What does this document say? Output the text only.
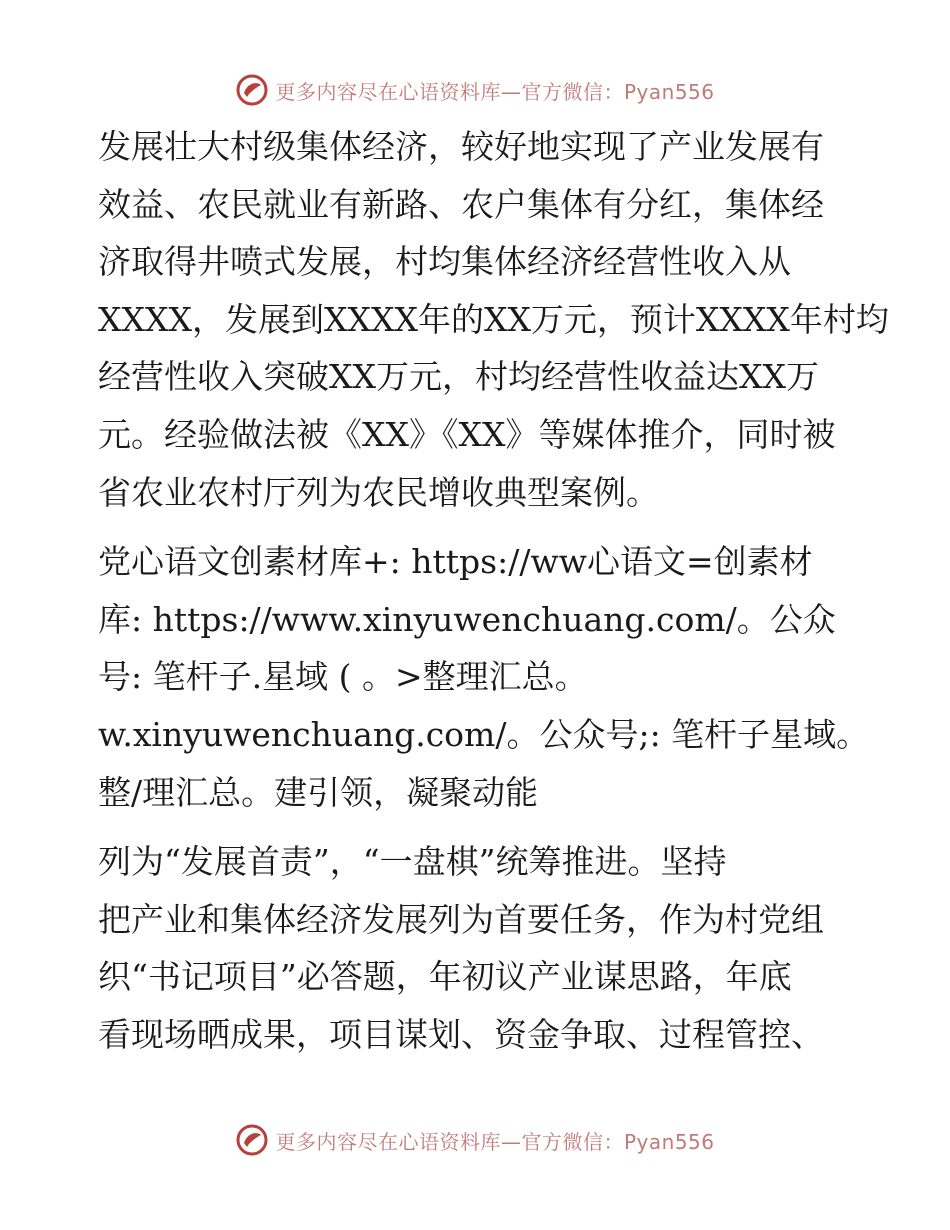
更多内容尽在心语资料库—官方微信：Pyan556
发展壮大村级集体经济，较好地实现了产业发展有
效益、农民就业有新路、农户集体有分红，集体经
济取得井喷式发展，村均集体经济经营性收入从
XXXX，发展到XXXX年的XX万元，预计XXXX年村均
经营性收入突破XX万元，村均经营性收益达XX万
元。经验做法被《XX》《XX》等媒体推介，同时被
省农业农村厅列为农民增收典型案例。
党心语文创素材库+: https://ww心语文=创素材
库: https://www.xinyuwenchuang.com/。公众
号: 笔杆子.星域 ( 。>整理汇总。
w.xinyuwenchuang.com/。公众号;: 笔杆子星域。
整/理汇总。建引领，凝聚动能
列为“发展首责”，“一盘棋”统筹推进。坚持
把产业和集体经济发展列为首要任务，作为村党组
织“书记项目”必答题，年初议产业谋思路，年底
看现场晒成果，项目谋划、资金争取、过程管控、
更多内容尽在心语资料库—官方微信：Pyan556
